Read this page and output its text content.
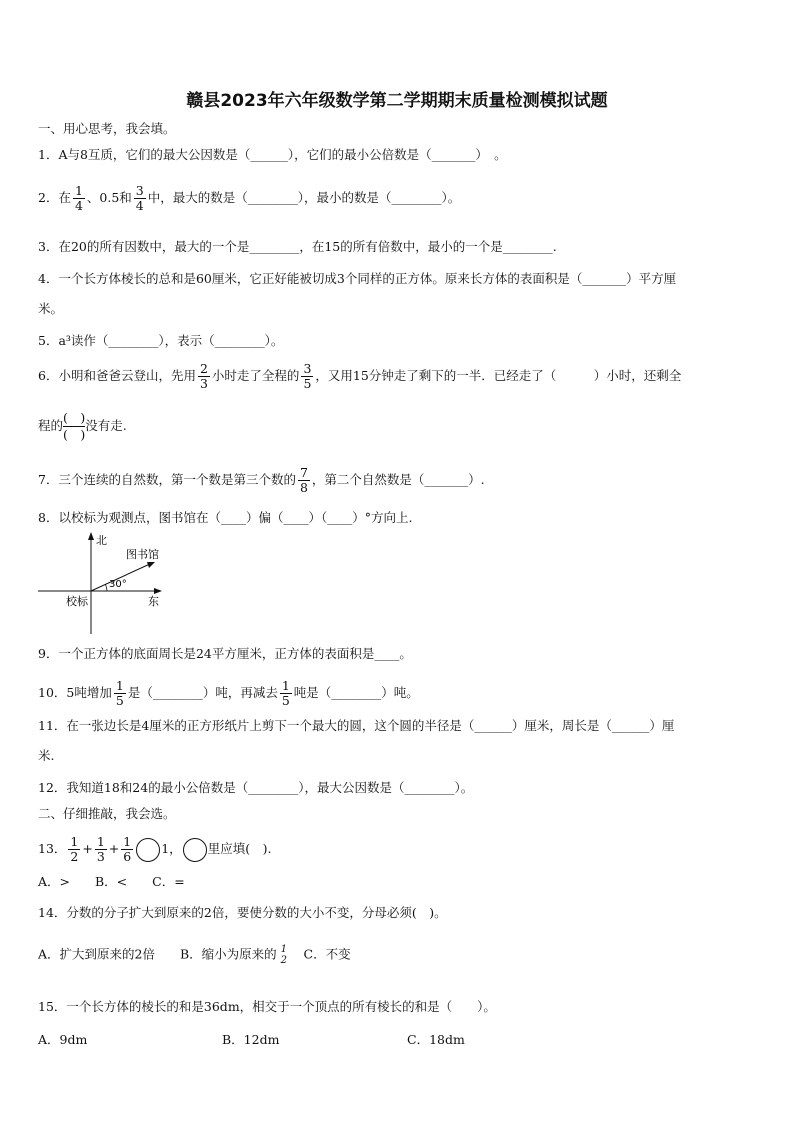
赣县2023年六年级数学第二学期期末质量检测模拟试题
一、用心思考，我会填。
1．A与8互质，它们的最大公因数是（______），它们的最小公倍数是（_______）　。
2．在 $\frac{1}{4}$ 、0.5和 $\frac{3}{4}$ 中，最大的数是（________），最小的数是（________）。
3．在20的所有因数中，最大的一个是________，在15的所有倍数中，最小的一个是________.
4．一个长方体棱长的总和是60厘米，它正好能被切成3个同样的正方体。原来长方体的表面积是（_______）平方厘
米。
5．a³读作（________），表示（________）。
6．小明和爸爸云登山，先用 $\frac{2}{3}$ 小时走了全程的 $\frac{3}{5}$ ，又用15分钟走了剩下的一半．已经走了（　　　）小时，还剩全
程的 $\frac{( )}{( )}$ 没有走.
7．三个连续的自然数，第一个数是第三个数的 $\frac{7}{8}$ ，第二个自然数是（_______）.
8．以校标为观测点，图书馆在（____）偏（____）（____）°方向上.
北
东
校标
图书馆
30°
9．一个正方体的底面周长是24平方厘米，正方体的表面积是____。
10．5吨增加 $\frac{1}{5}$ 是（________）吨，再减去 $\frac{1}{5}$ 吨是（________）吨。
11．在一张边长是4厘米的正方形纸片上剪下一个最大的圆，这个圆的半径是（______）厘米，周长是（______）厘
米.
12．我知道18和24的最小公倍数是（________），最大公因数是（________）。
二、仔细推敲，我会选。
13． $\frac{1}{2} + \frac{1}{3} + \frac{1}{6} 1$， 里应填(　).
A．>　　B．<　　C．=
14．分数的分子扩大到原来的2倍，要使分数的大小不变，分母必须(　)。
A．扩大到原来的2倍　　B．缩小为原来的 1
2 　C．不变
15．一个长方体的棱长的和是36dm，相交于一个顶点的所有棱长的和是（　　）。
A．9dm	B．12dm	C．18dm
